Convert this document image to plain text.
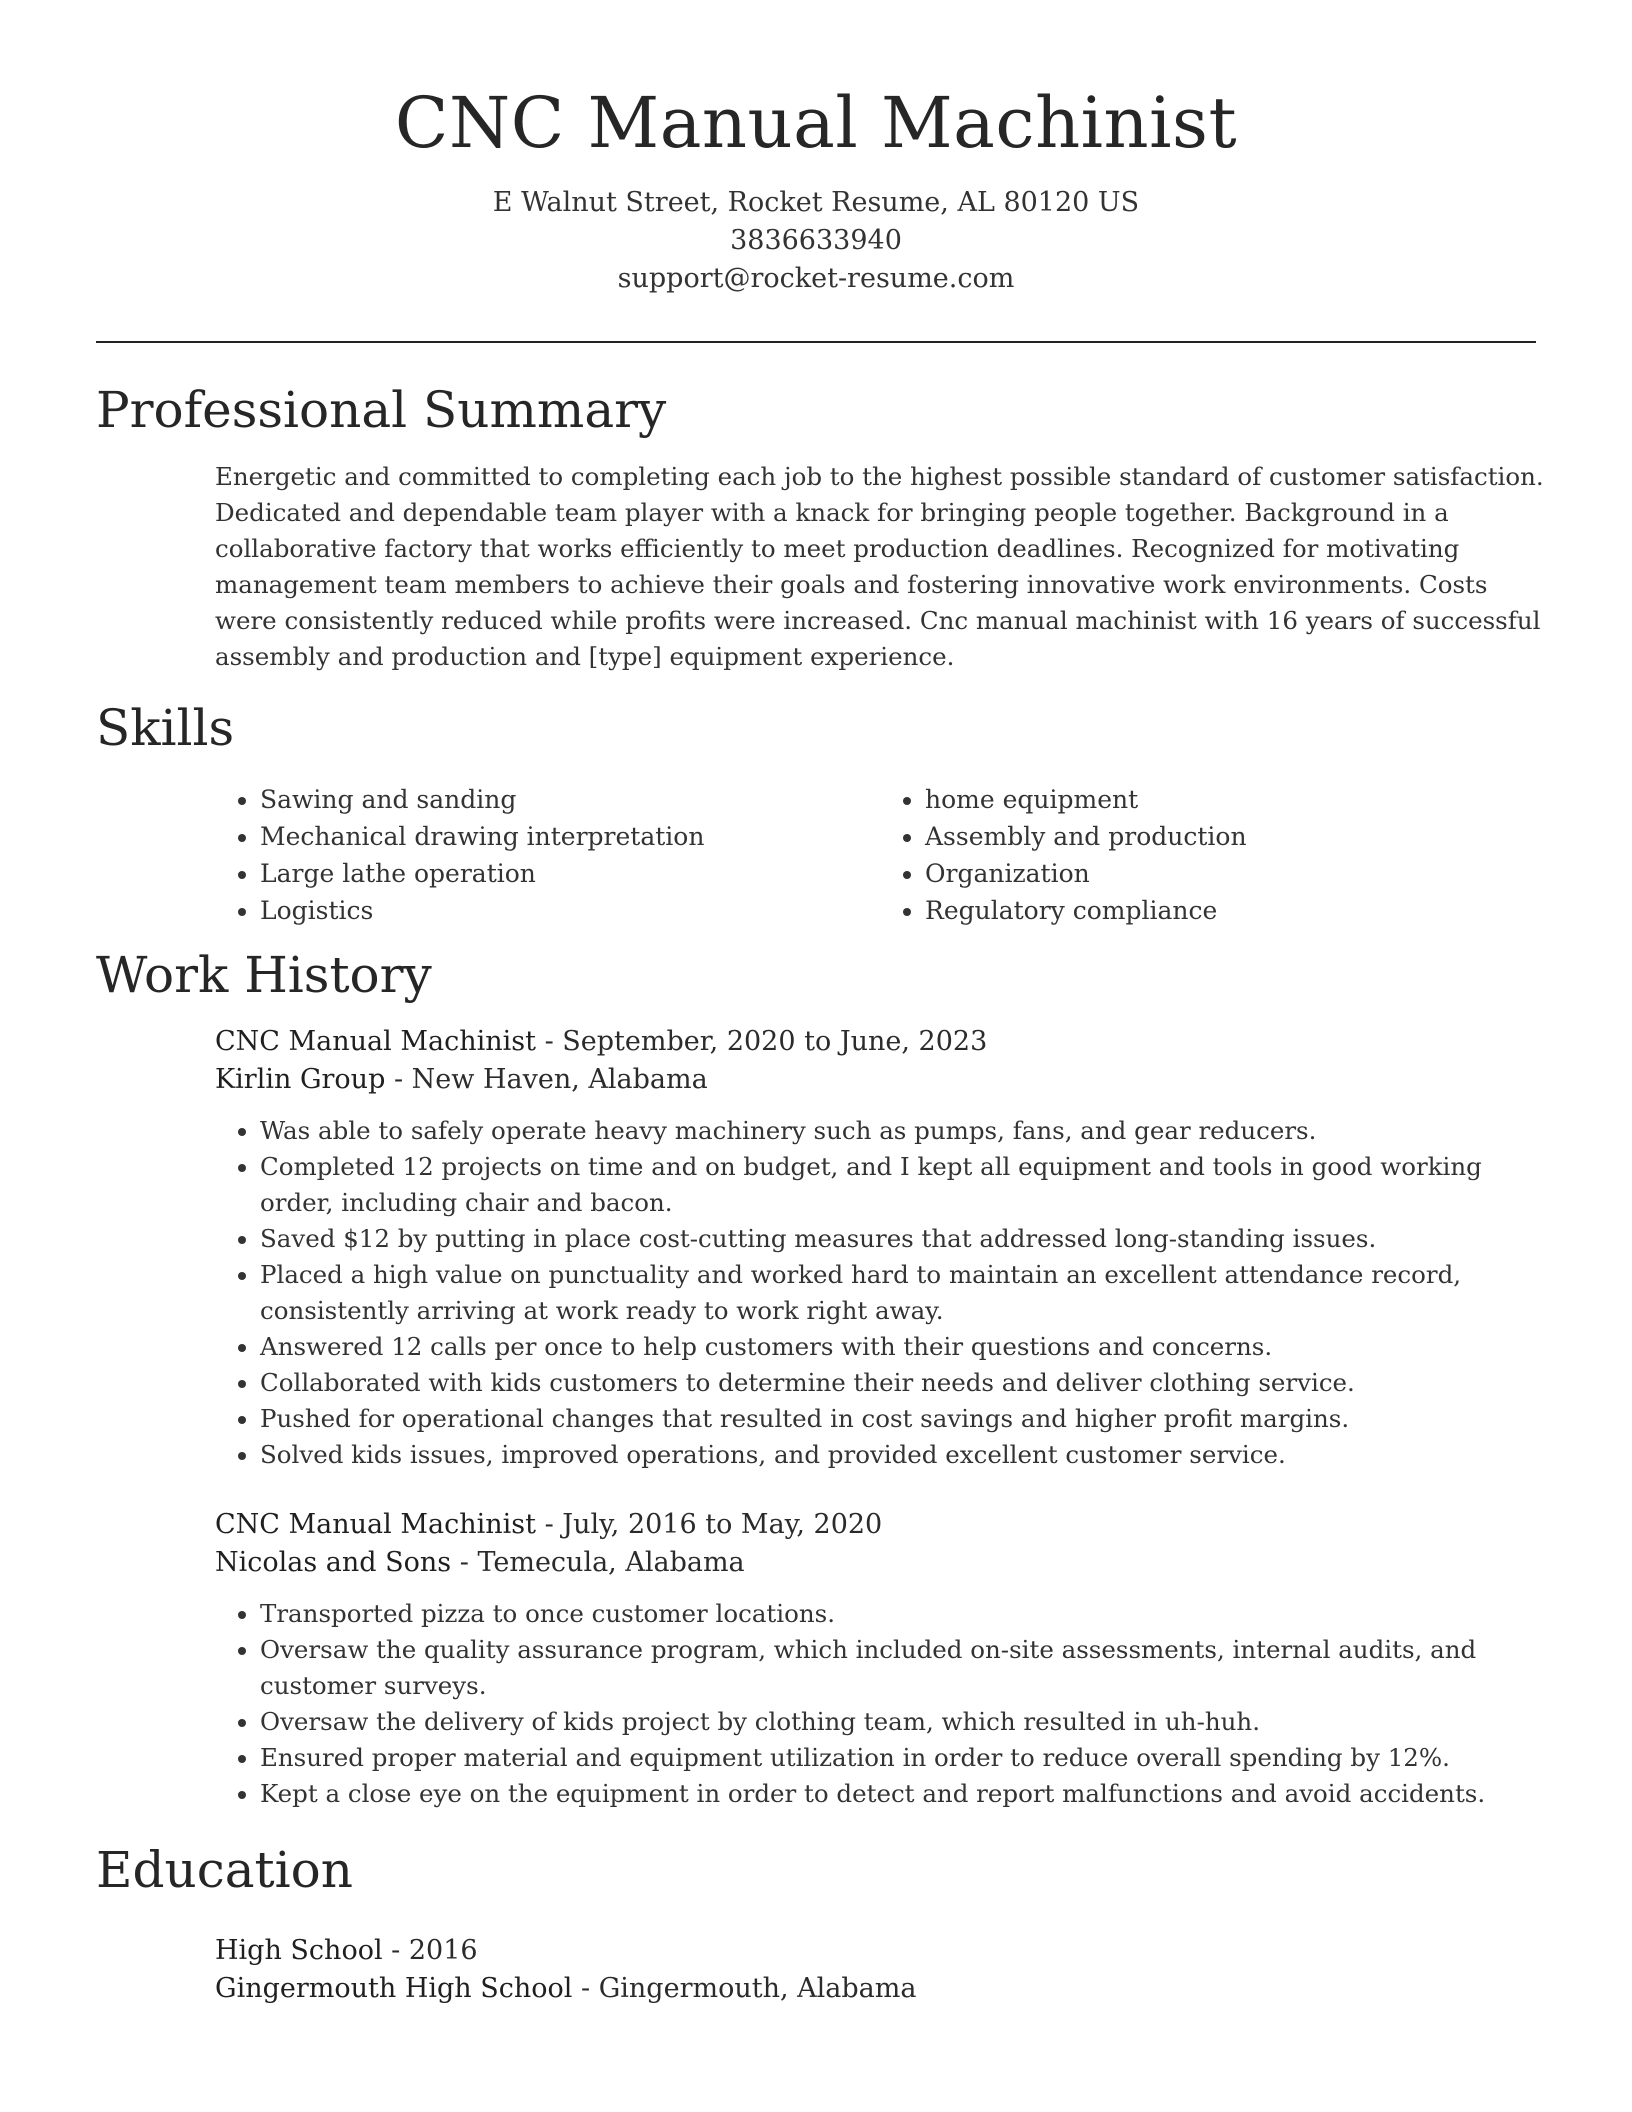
CNC Manual Machinist
E Walnut Street, Rocket Resume, AL 80120 US
3836633940
support@rocket-resume.com
Professional Summary
Energetic and committed to completing each job to the highest possible standard of customer satisfaction. Dedicated and dependable team player with a knack for bringing people together. Background in a collaborative factory that works efficiently to meet production deadlines. Recognized for motivating management team members to achieve their goals and fostering innovative work environments. Costs were consistently reduced while profits were increased. Cnc manual machinist with 16 years of successful assembly and production and [type] equipment experience.
Skills
• Sawing and sanding
• Mechanical drawing interpretation
• Large lathe operation
• Logistics
• home equipment
• Assembly and production
• Organization
• Regulatory compliance
Work History
CNC Manual Machinist - September, 2020 to June, 2023
Kirlin Group - New Haven, Alabama
• Was able to safely operate heavy machinery such as pumps, fans, and gear reducers.
• Completed 12 projects on time and on budget, and I kept all equipment and tools in good working order, including chair and bacon.
• Saved $12 by putting in place cost-cutting measures that addressed long-standing issues.
• Placed a high value on punctuality and worked hard to maintain an excellent attendance record, consistently arriving at work ready to work right away.
• Answered 12 calls per once to help customers with their questions and concerns.
• Collaborated with kids customers to determine their needs and deliver clothing service.
• Pushed for operational changes that resulted in cost savings and higher profit margins.
• Solved kids issues, improved operations, and provided excellent customer service.
CNC Manual Machinist - July, 2016 to May, 2020
Nicolas and Sons - Temecula, Alabama
• Transported pizza to once customer locations.
• Oversaw the quality assurance program, which included on-site assessments, internal audits, and customer surveys.
• Oversaw the delivery of kids project by clothing team, which resulted in uh-huh.
• Ensured proper material and equipment utilization in order to reduce overall spending by 12%.
• Kept a close eye on the equipment in order to detect and report malfunctions and avoid accidents.
Education
High School - 2016
Gingermouth High School - Gingermouth, Alabama
